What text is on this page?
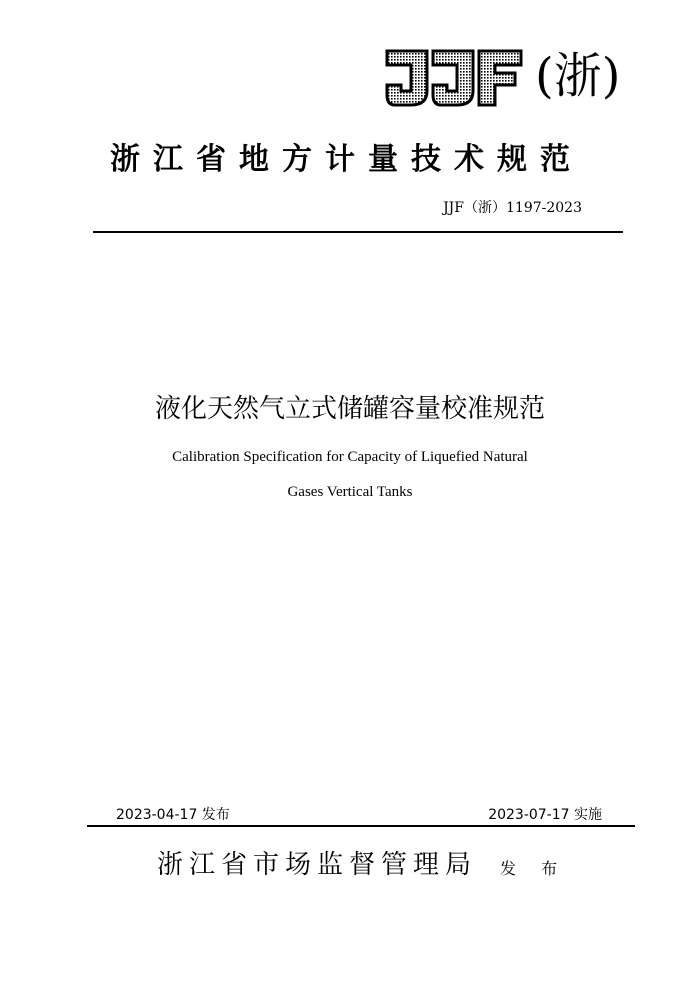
(浙)
浙江省地方计量技术规范
JJF（浙）1197-2023
液化天然气立式储罐容量校准规范
Calibration Specification for Capacity of Liquefied Natural
Gases Vertical Tanks
2023-04-17 发布	2023-07-17 实施
浙江省市场监督管理局 发 布
